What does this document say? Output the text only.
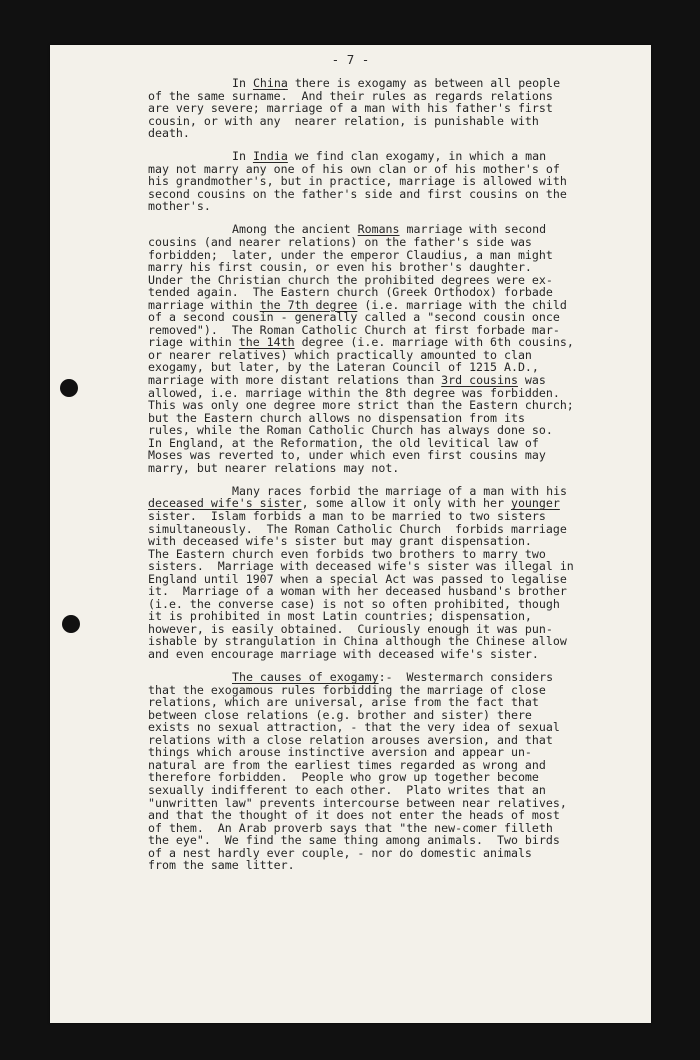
- 7 -
In China there is exogamy as between all people
of the same surname.  And their rules as regards relations
are very severe; marriage of a man with his father's first
cousin, or with any  nearer relation, is punishable with
death.
In India we find clan exogamy, in which a man
may not marry any one of his own clan or of his mother's of
his grandmother's, but in practice, marriage is allowed with
second cousins on the father's side and first cousins on the
mother's.
Among the ancient Romans marriage with second
cousins (and nearer relations) on the father's side was
forbidden;  later, under the emperor Claudius, a man might
marry his first cousin, or even his brother's daughter.
Under the Christian church the prohibited degrees were ex-
tended again.  The Eastern church (Greek Orthodox) forbade
marriage within the 7th degree (i.e. marriage with the child
of a second cousin - generally called a "second cousin once
removed").  The Roman Catholic Church at first forbade mar-
riage within the 14th degree (i.e. marriage with 6th cousins,
or nearer relatives) which practically amounted to clan
exogamy, but later, by the Lateran Council of 1215 A.D.,
marriage with more distant relations than 3rd cousins was
allowed, i.e. marriage within the 8th degree was forbidden.
This was only one degree more strict than the Eastern church;
but the Eastern church allows no dispensation from its
rules, while the Roman Catholic Church has always done so.
In England, at the Reformation, the old levitical law of
Moses was reverted to, under which even first cousins may
marry, but nearer relations may not.
Many races forbid the marriage of a man with his
deceased wife's sister, some allow it only with her younger
sister.  Islam forbids a man to be married to two sisters
simultaneously.  The Roman Catholic Church  forbids marriage
with deceased wife's sister but may grant dispensation.
The Eastern church even forbids two brothers to marry two
sisters.  Marriage with deceased wife's sister was illegal in
England until 1907 when a special Act was passed to legalise
it.  Marriage of a woman with her deceased husband's brother
(i.e. the converse case) is not so often prohibited, though
it is prohibited in most Latin countries; dispensation,
however, is easily obtained.  Curiously enough it was pun-
ishable by strangulation in China although the Chinese allow
and even encourage marriage with deceased wife's sister.
The causes of exogamy:-  Westermarch considers
that the exogamous rules forbidding the marriage of close
relations, which are universal, arise from the fact that
between close relations (e.g. brother and sister) there
exists no sexual attraction, - that the very idea of sexual
relations with a close relation arouses aversion, and that
things which arouse instinctive aversion and appear un-
natural are from the earliest times regarded as wrong and
therefore forbidden.  People who grow up together become
sexually indifferent to each other.  Plato writes that an
"unwritten law" prevents intercourse between near relatives,
and that the thought of it does not enter the heads of most
of them.  An Arab proverb says that "the new-comer filleth
the eye".  We find the same thing among animals.  Two birds
of a nest hardly ever couple, - nor do domestic animals
from the same litter.
